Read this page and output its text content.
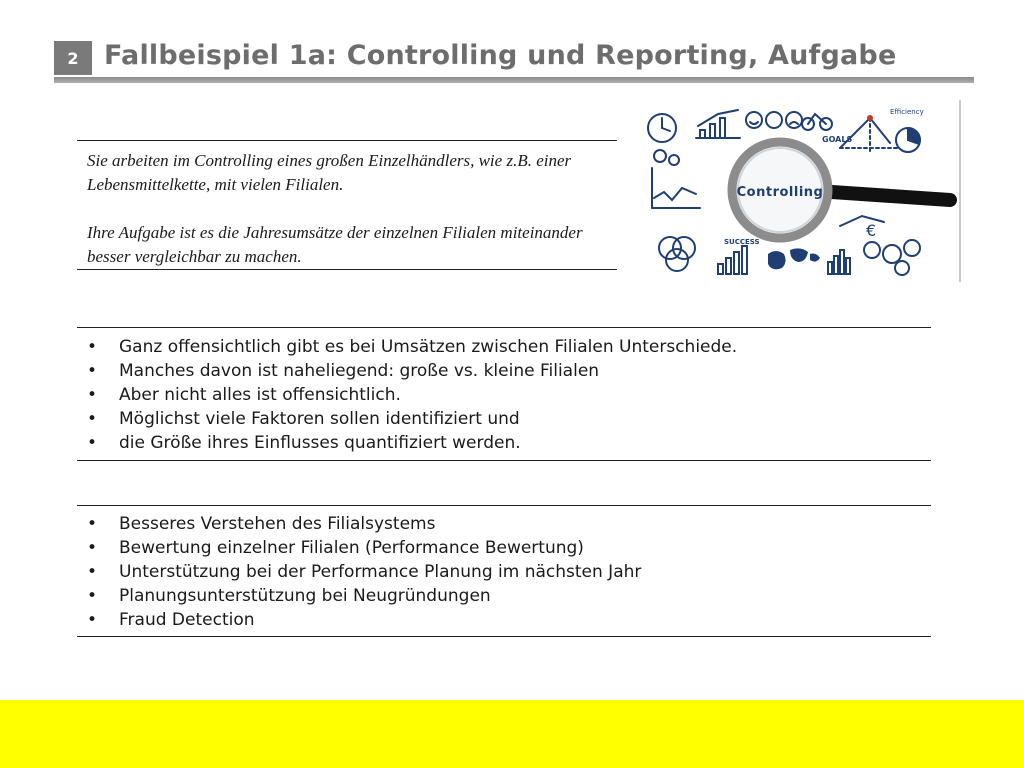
2 Fallbeispiel 1a: Controlling und Reporting, Aufgabe

Sie arbeiten im Controlling eines großen Einzelhändlers, wie z.B. einer Lebensmittelkette, mit vielen Filialen.

Ihre Aufgabe ist es die Jahresumsätze der einzelnen Filialen miteinander besser vergleichbar zu machen.

GOALS
Efficiency
Controlling
€
SUCCESS
• Ganz offensichtlich gibt es bei Umsätzen zwischen Filialen Unterschiede.
• Manches davon ist naheliegend: große vs. kleine Filialen
• Aber nicht alles ist offensichtlich.
• Möglichst viele Faktoren sollen identifiziert und
• die Größe ihres Einflusses quantifiziert werden.
• Besseres Verstehen des Filialsystems
• Bewertung einzelner Filialen (Performance Bewertung)
• Unterstützung bei der Performance Planung im nächsten Jahr
• Planungsunterstützung bei Neugründungen
• Fraud Detection
